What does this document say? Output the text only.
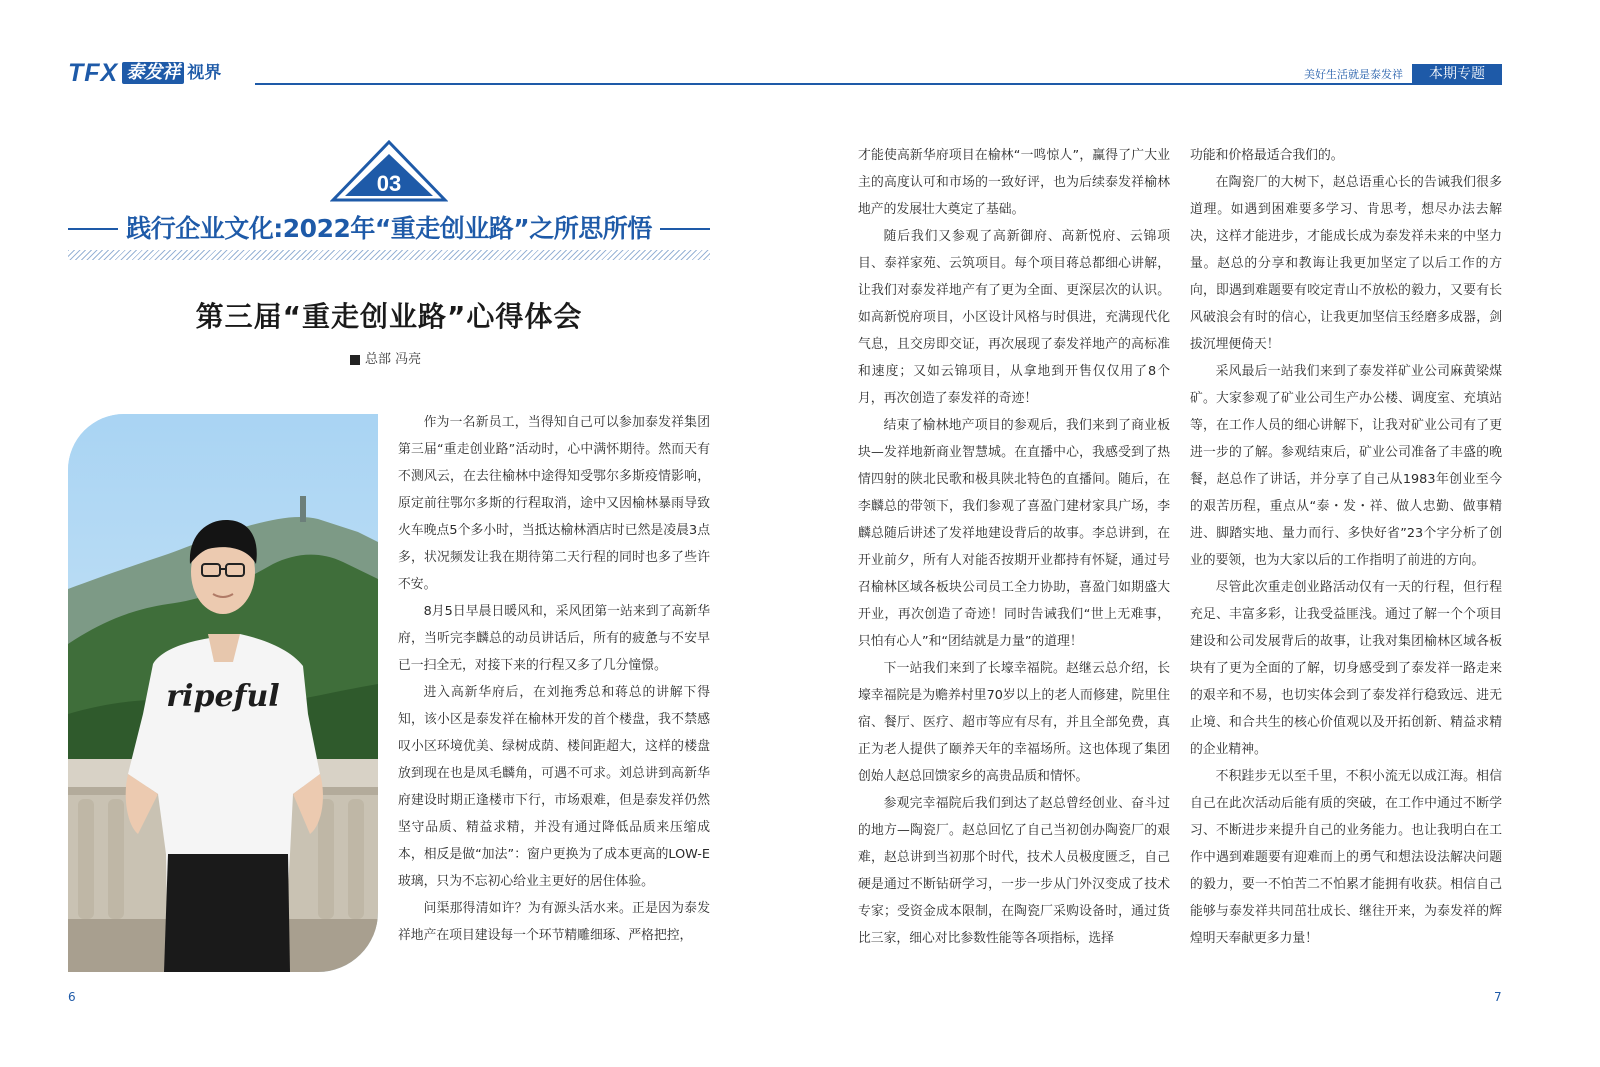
TFX 泰发祥 视界	美好生活就是泰发祥	本期专题
03
践行企业文化:2022年“重走创业路”之所思所悟
第三届“重走创业路”心得体会
总部 冯亮
ripeful

作为一名新员工，当得知自己可以参加泰发祥集团第三届“重走创业路”活动时，心中满怀期待。然而天有不测风云，在去往榆林中途得知受鄂尔多斯疫情影响，原定前往鄂尔多斯的行程取消，途中又因榆林暴雨导致火车晚点5个多小时，当抵达榆林酒店时已然是凌晨3点多，状况频发让我在期待第二天行程的同时也多了些许不安。

8月5日早晨日暖风和，采风团第一站来到了高新华府，当听完李麟总的动员讲话后，所有的疲惫与不安早已一扫全无，对接下来的行程又多了几分憧憬。

进入高新华府后，在刘拖秀总和蒋总的讲解下得知，该小区是泰发祥在榆林开发的首个楼盘，我不禁感叹小区环境优美、绿树成荫、楼间距超大，这样的楼盘放到现在也是凤毛麟角，可遇不可求。刘总讲到高新华府建设时期正逢楼市下行，市场艰难，但是泰发祥仍然坚守品质、精益求精，并没有通过降低品质来压缩成本，相反是做“加法”：窗户更换为了成本更高的LOW-E玻璃，只为不忘初心给业主更好的居住体验。

问渠那得清如许？为有源头活水来。正是因为泰发祥地产在项目建设每一个环节精雕细琢、严格把控，

才能使高新华府项目在榆林“一鸣惊人”，赢得了广大业主的高度认可和市场的一致好评，也为后续泰发祥榆林地产的发展壮大奠定了基础。

随后我们又参观了高新御府、高新悦府、云锦项目、泰祥家苑、云筑项目。每个项目蒋总都细心讲解，让我们对泰发祥地产有了更为全面、更深层次的认识。如高新悦府项目，小区设计风格与时俱进，充满现代化气息，且交房即交证，再次展现了泰发祥地产的高标准和速度；又如云锦项目，从拿地到开售仅仅用了8个月，再次创造了泰发祥的奇迹！

结束了榆林地产项目的参观后，我们来到了商业板块—发祥地新商业智慧城。在直播中心，我感受到了热情四射的陕北民歌和极具陕北特色的直播间。随后，在李麟总的带领下，我们参观了喜盈门建材家具广场，李麟总随后讲述了发祥地建设背后的故事。李总讲到，在开业前夕，所有人对能否按期开业都持有怀疑，通过号召榆林区域各板块公司员工全力协助，喜盈门如期盛大开业，再次创造了奇迹！同时告诫我们“世上无难事，只怕有心人”和“团结就是力量”的道理！

下一站我们来到了长壕幸福院。赵继云总介绍，长壕幸福院是为赡养村里70岁以上的老人而修建，院里住宿、餐厅、医疗、超市等应有尽有，并且全部免费，真正为老人提供了颐养天年的幸福场所。这也体现了集团创始人赵总回馈家乡的高贵品质和情怀。

参观完幸福院后我们到达了赵总曾经创业、奋斗过的地方—陶瓷厂。赵总回忆了自己当初创办陶瓷厂的艰难，赵总讲到当初那个时代，技术人员极度匮乏，自己硬是通过不断钻研学习，一步一步从门外汉变成了技术专家；受资金成本限制，在陶瓷厂采购设备时，通过货比三家，细心对比参数性能等各项指标，选择

功能和价格最适合我们的。

在陶瓷厂的大树下，赵总语重心长的告诫我们很多道理。如遇到困难要多学习、肯思考，想尽办法去解决，这样才能进步，才能成长成为泰发祥未来的中坚力量。赵总的分享和教诲让我更加坚定了以后工作的方向，即遇到难题要有咬定青山不放松的毅力，又要有长风破浪会有时的信心，让我更加坚信玉经磨多成器，剑拔沉埋便倚天！

采风最后一站我们来到了泰发祥矿业公司麻黄梁煤矿。大家参观了矿业公司生产办公楼、调度室、充填站等，在工作人员的细心讲解下，让我对矿业公司有了更进一步的了解。参观结束后，矿业公司准备了丰盛的晚餐，赵总作了讲话，并分享了自己从1983年创业至今的艰苦历程，重点从“泰・发・祥、做人忠勤、做事精进、脚踏实地、量力而行、多快好省”23个字分析了创业的要领，也为大家以后的工作指明了前进的方向。

尽管此次重走创业路活动仅有一天的行程，但行程充足、丰富多彩，让我受益匪浅。通过了解一个个项目建设和公司发展背后的故事，让我对集团榆林区域各板块有了更为全面的了解，切身感受到了泰发祥一路走来的艰辛和不易，也切实体会到了泰发祥行稳致远、进无止境、和合共生的核心价值观以及开拓创新、精益求精的企业精神。

不积跬步无以至千里，不积小流无以成江海。相信自己在此次活动后能有质的突破，在工作中通过不断学习、不断进步来提升自己的业务能力。也让我明白在工作中遇到难题要有迎难而上的勇气和想法设法解决问题的毅力，要一不怕苦二不怕累才能拥有收获。相信自己能够与泰发祥共同茁壮成长、继往开来，为泰发祥的辉煌明天奉献更多力量！

6	7
